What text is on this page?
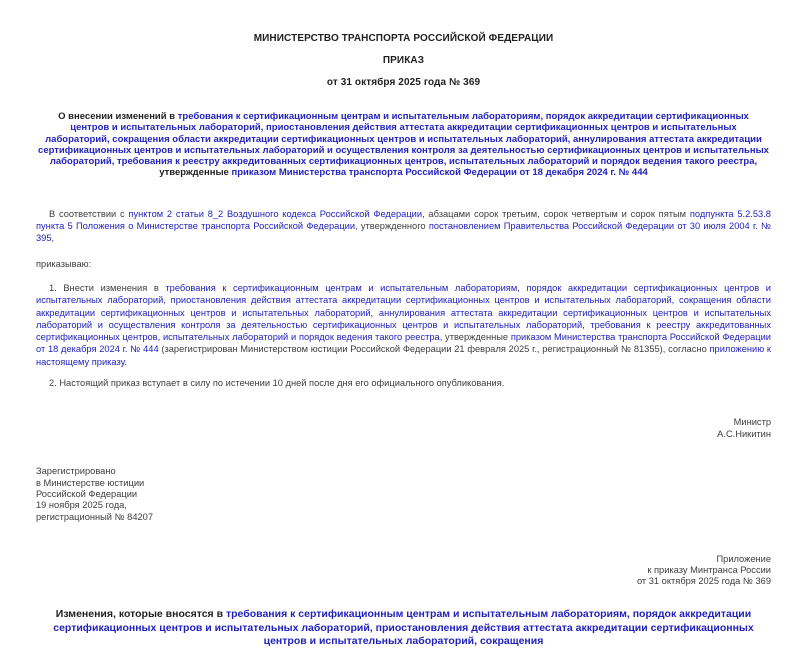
МИНИСТЕРСТВО ТРАНСПОРТА РОССИЙСКОЙ ФЕДЕРАЦИИ
ПРИКАЗ
от 31 октября 2025 года № 369
О внесении изменений в требования к сертификационным центрам и испытательным лабораториям, порядок аккредитации сертификационных центров и испытательных лабораторий, приостановления действия аттестата аккредитации сертификационных центров и испытательных лабораторий, сокращения области аккредитации сертификационных центров и испытательных лабораторий, аннулирования аттестата аккредитации сертификационных центров и испытательных лабораторий и осуществления контроля за деятельностью сертификационных центров и испытательных лабораторий, требования к реестру аккредитованных сертификационных центров, испытательных лабораторий и порядок ведения такого реестра, утвержденные приказом Министерства транспорта Российской Федерации от 18 декабря 2024 г. № 444

В соответствии с пунктом 2 статьи 8_2 Воздушного кодекса Российской Федерации, абзацами сорок третьим, сорок четвертым и сорок пятым подпункта 5.2.53.8 пункта 5 Положения о Министерстве транспорта Российской Федерации, утвержденного постановлением Правительства Российской Федерации от 30 июля 2004 г. № 395,

приказываю:

1. Внести изменения в требования к сертификационным центрам и испытательным лабораториям, порядок аккредитации сертификационных центров и испытательных лабораторий, приостановления действия аттестата аккредитации сертификационных центров и испытательных лабораторий, сокращения области аккредитации сертификационных центров и испытательных лабораторий, аннулирования аттестата аккредитации сертификационных центров и испытательных лабораторий и осуществления контроля за деятельностью сертификационных центров и испытательных лабораторий, требования к реестру аккредитованных сертификационных центров, испытательных лабораторий и порядок ведения такого реестра, утвержденные приказом Министерства транспорта Российской Федерации от 18 декабря 2024 г. № 444 (зарегистрирован Министерством юстиции Российской Федерации 21 февраля 2025 г., регистрационный № 81355), согласно приложению к настоящему приказу.

2. Настоящий приказ вступает в силу по истечении 10 дней после дня его официального опубликования.

Министр
А.С.Никитин
Зарегистрировано
в Министерстве юстиции
Российской Федерации
19 ноября 2025 года,
регистрационный № 84207
Приложение
к приказу Минтранса России
от 31 октября 2025 года № 369
Изменения, которые вносятся в требования к сертификационным центрам и испытательным лабораториям, порядок аккредитации сертификационных центров и испытательных лабораторий, приостановления действия аттестата аккредитации сертификационных центров и испытательных лабораторий, сокращения
